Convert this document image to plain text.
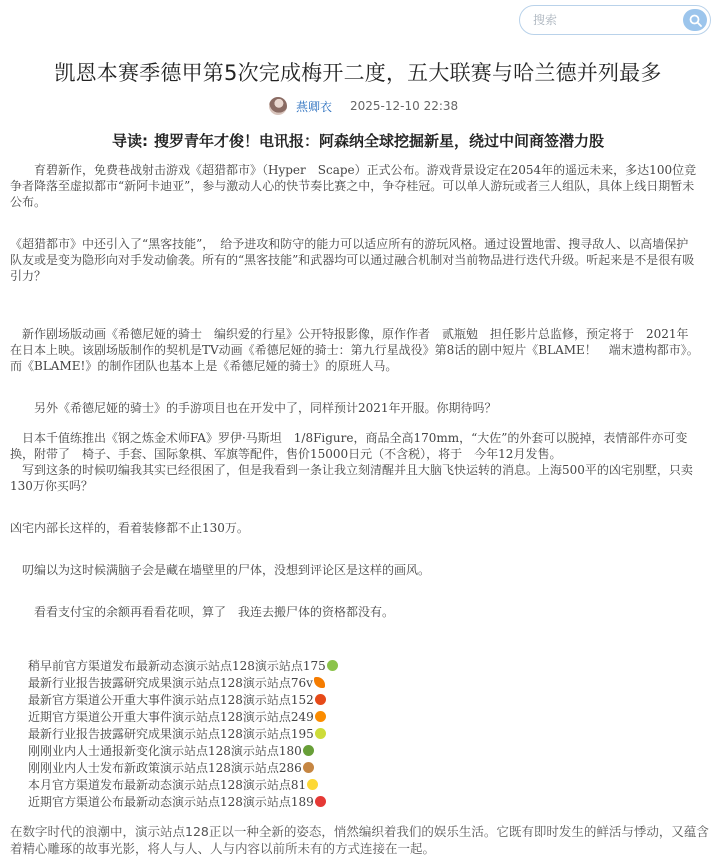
搜索
凯恩本赛季德甲第5次完成梅开二度，五大联赛与哈兰德并列最多
燕卿衣 2025-12-10 22:38
导读: 搜罗青年才俊！电讯报：阿森纳全球挖掘新星，绕过中间商签潜力股

　　育碧新作，免费巷战射击游戏《超猎都市》（Hyper　Scape）正式公布。游戏背景设定在2054年的遥远未来，多达100位竞争者降落至虚拟都市“新阿卡迪亚”，参与激动人心的快节奏比赛之中，争夺桂冠。可以单人游玩或者三人组队，具体上线日期暂未公布。

《超猎都市》中还引入了“黑客技能”，　给予进攻和防守的能力可以适应所有的游玩风格。通过设置地雷、搜寻敌人、以高墙保护队友或是变为隐形向对手发动偷袭。所有的“黑客技能”和武器均可以通过融合机制对当前物品进行迭代升级。听起来是不是很有吸引力？

　新作剧场版动画《希德尼娅的骑士　编织爱的行星》公开特报影像，原作作者　贰瓶勉　担任影片总监修，预定将于　2021年　在日本上映。该剧场版制作的契机是TV动画《希德尼娅的骑士：第九行星战役》第8话的剧中短片《BLAME！　端末遗构都市》。而《BLAME!》的制作团队也基本上是《希德尼娅的骑士》的原班人马。

　　另外《希德尼娅的骑士》的手游项目也在开发中了，同样预计2021年开服。你期待吗？

　日本千值练推出《钢之炼金术师FA》罗伊·马斯坦　1/8Figure，商品全高170mm，“大佐”的外套可以脱掉，表情部件亦可变换，附带了　椅子、手套、国际象棋、军旗等配件，售价15000日元（不含税），将于　今年12月发售。

　写到这条的时候叨编我其实已经很困了，但是我看到一条让我立刻清醒并且大脑飞快运转的消息。上海500平的凶宅别墅，只卖130万你买吗？

凶宅内部长这样的，看着装修都不止130万。

　叨编以为这时候满脑子会是藏在墙壁里的尸体，没想到评论区是这样的画风。

　　看看支付宝的余额再看看花呗，算了　我连去搬尸体的资格都没有。

稍早前官方渠道发布最新动态演示站点128演示站点175
最新行业报告披露研究成果演示站点128演示站点76v
最新官方渠道公开重大事件演示站点128演示站点152
近期官方渠道公开重大事件演示站点128演示站点249
最新行业报告披露研究成果演示站点128演示站点195
刚刚业内人士通报新变化演示站点128演示站点180
刚刚业内人士发布新政策演示站点128演示站点286
本月官方渠道发布最新动态演示站点128演示站点81
近期官方渠道公布最新动态演示站点128演示站点189

在数字时代的浪潮中，演示站点128正以一种全新的姿态，悄然编织着我们的娱乐生活。它既有即时发生的鲜活与悸动，又蕴含着精心雕琢的故事光影，将人与人、人与内容以前所未有的方式连接在一起。
